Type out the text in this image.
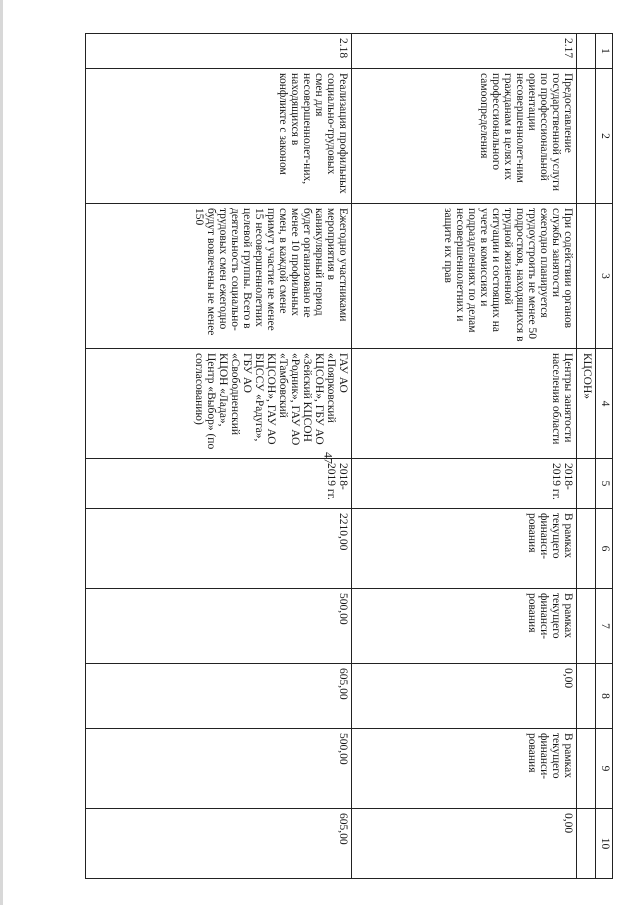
47
1	2	3	4	5	6	7	8	9	10
			КЦСОН»						
2.17	Предоставление государственной услуги по профессиональной ориентации несовершеннолет-ним гражданам в целях их профессионального самоопределения	При содействии органов службы занятости ежегодно планируется трудоустроить не менее 50 подростков, находящихся в трудной жизненной ситуации и состоящих на учете в комиссиях и подразделениях по делам несовершеннолетних и защите их прав	Центры занятости населения области	2018-2019 гг.	В рамках текущего финанси-рования	В рамках текущего финанси-рования	0,00	В рамках текущего финанси-рования	0,00
2.18	Реализация профильных социально-трудовых смен для несовершеннолет-них, находящихся в конфликте с законом	Ежегодно участниками мероприятия в каникулярный период будет организовано не менее 10 профильных смен, в каждой смене примут участие не менее 15 несовершеннолетних целевой группы. Всего в деятельность социально-трудовых смен ежегодно будут вовлечены не менее 150	ГАУ АО «Поярковский КЦСОН», ГБУ АО «Зейский КЦСОН «Родник», ГАУ АО «Тамбовский КЦСОН», ГАУ АО БЦССУ «Радуга», ГБУ АО «Свободненский КЦОН «Лада», Центр «Выбор» (по согласованию)	2018-2019 гг.	2210,00	500,00	605,00	500,00	605,00
